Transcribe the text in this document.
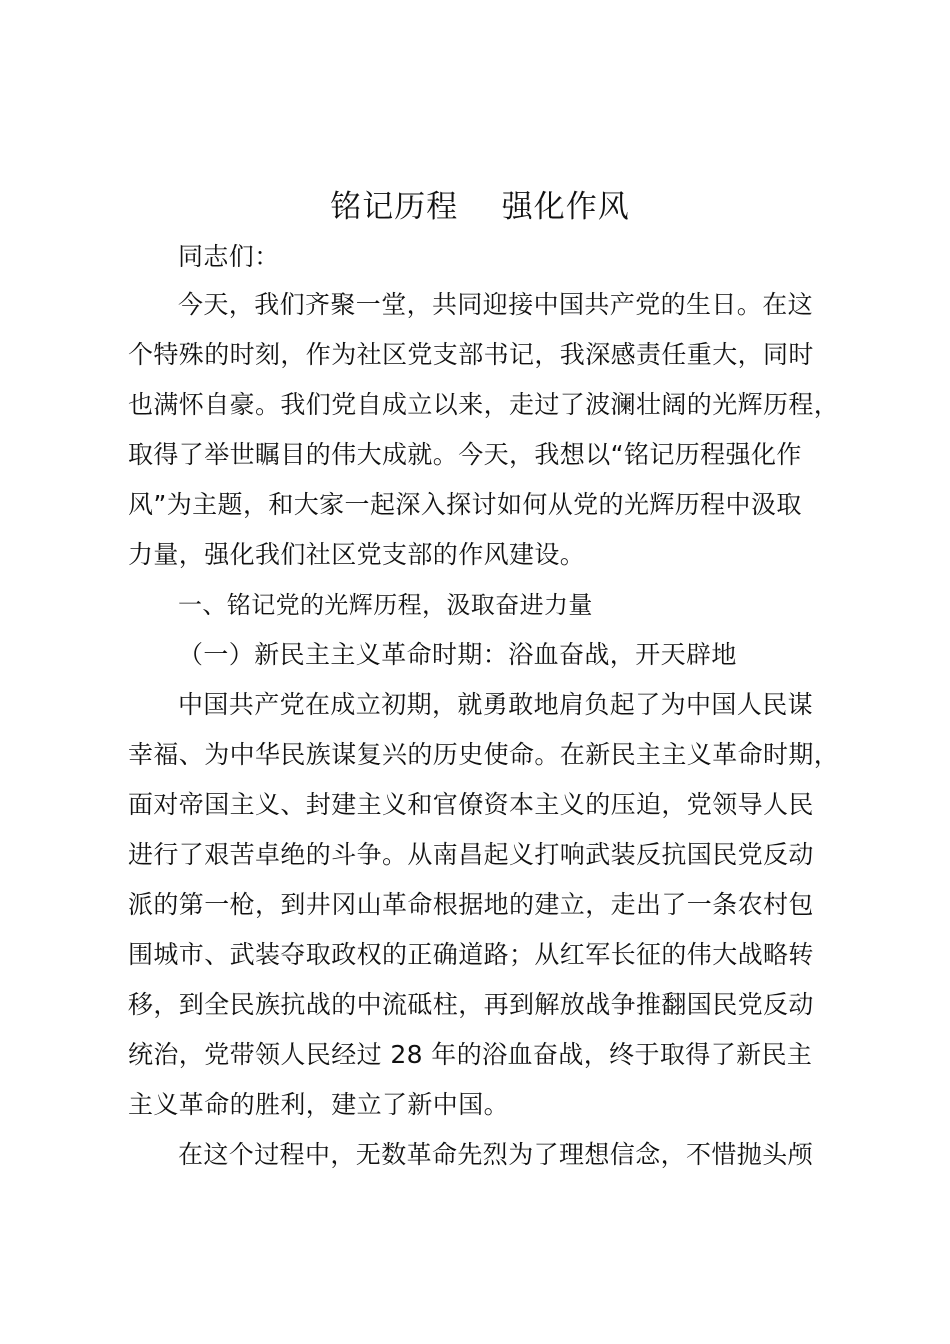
铭记历程    强化作风
同志们：
今天，我们齐聚一堂，共同迎接中国共产党的生日。在这
个特殊的时刻，作为社区党支部书记，我深感责任重大，同时
也满怀自豪。我们党自成立以来，走过了波澜壮阔的光辉历程，
取得了举世瞩目的伟大成就。今天，我想以“铭记历程强化作
风”为主题，和大家一起深入探讨如何从党的光辉历程中汲取
力量，强化我们社区党支部的作风建设。
一、铭记党的光辉历程，汲取奋进力量
（一）新民主主义革命时期：浴血奋战，开天辟地
中国共产党在成立初期，就勇敢地肩负起了为中国人民谋
幸福、为中华民族谋复兴的历史使命。在新民主主义革命时期，
面对帝国主义、封建主义和官僚资本主义的压迫，党领导人民
进行了艰苦卓绝的斗争。从南昌起义打响武装反抗国民党反动
派的第一枪，到井冈山革命根据地的建立，走出了一条农村包
围城市、武装夺取政权的正确道路；从红军长征的伟大战略转
移，到全民族抗战的中流砥柱，再到解放战争推翻国民党反动
统治，党带领人民经过 28 年的浴血奋战，终于取得了新民主
主义革命的胜利，建立了新中国。
在这个过程中，无数革命先烈为了理想信念，不惜抛头颅
